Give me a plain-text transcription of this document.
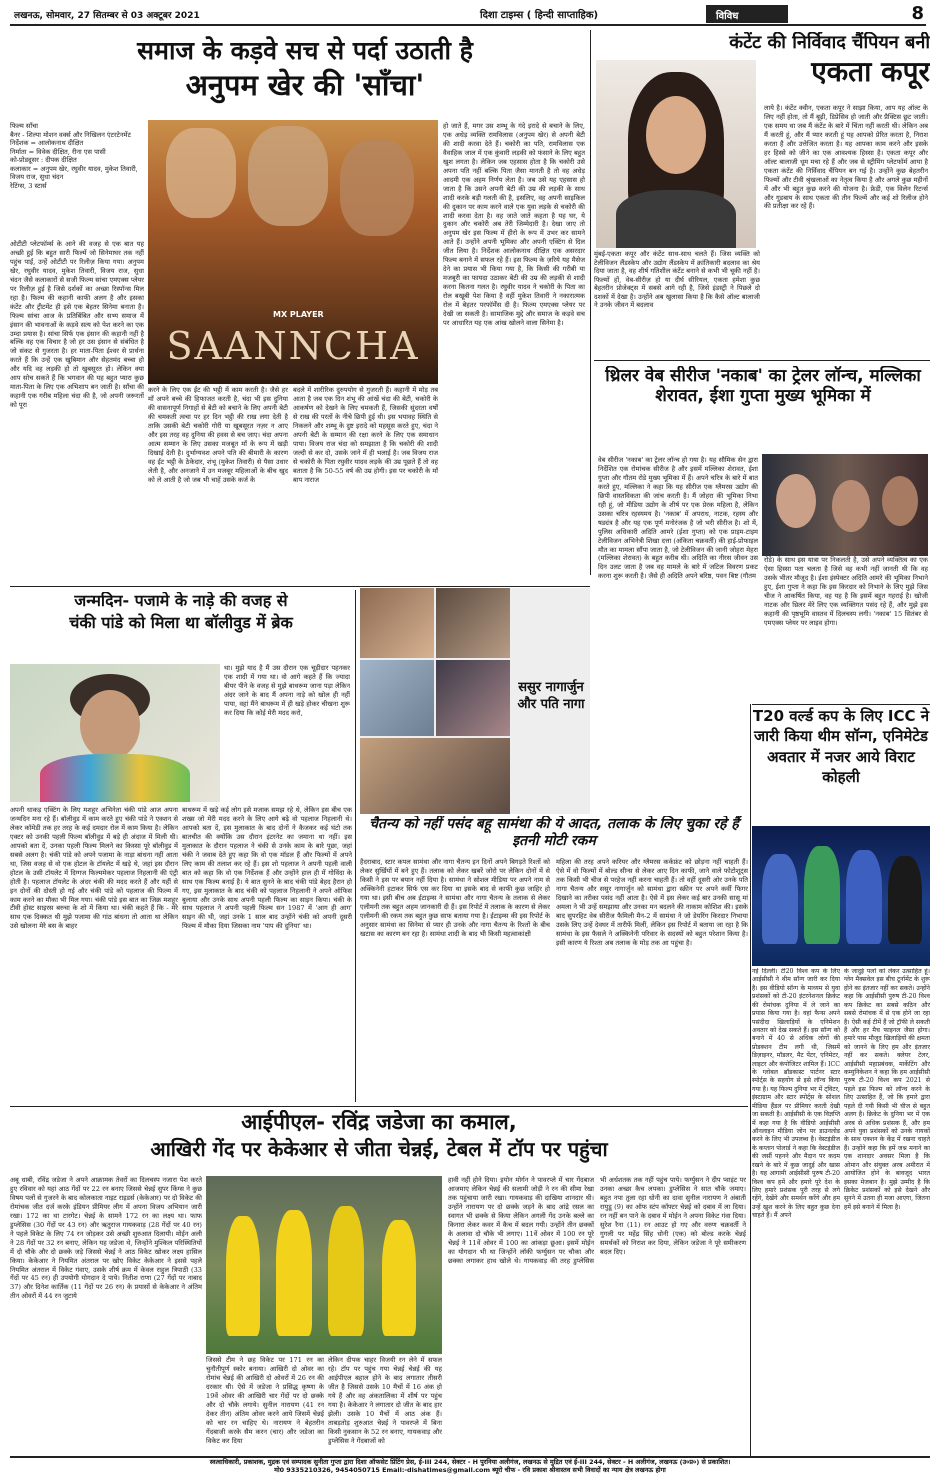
लखनऊ, सोमवार, 27 सितम्बर से 03 अक्टूबर 2021	दिशा टाइम्स ( हिन्दी साप्ताहिक)	विविध	8
समाज के कड़वे सच से पर्दा उठाती है
अनुपम खेर की 'साँचा'
MX PLAYER
SAANNCHA
फिल्म साँचा
बैनर - शिल्पा मोशन वर्क्स और निखिलन एंटरटेनमेंट
निर्देशक = आलोकनाथ दीक्षित
निर्माता = विवेक दीक्षित, रीना एस पासी
को-प्रोड्यूसर : दीपक दीक्षित
कलाकार = अनुपम खेर, रघुवीर यादव, मुकेश तिवारी, विजय राज, सुधा चंदन
रेटिंग्स, 3 स्टार्स
ओटीटी प्लेटफॉर्म्स के आने की वजह से एक बात यह अच्छी हुई कि बहुत सारी फिल्में जो सिनेमाघर तक नहीं पहुंच पाईं, उन्हें ओटीटी पर रिलीज़ किया गया। अनुपम खेर, रघुवीर यादव, मुकेश तिवारी, विजय राज, सुधा चंदन जैसे कलाकारों से सजी फिल्म सांचा एमएक्स प्लेयर पर रिलीज़ हुई है जिसे दर्शकों का अच्छा रिस्पॉन्स मिल रहा है। फिल्म की कहानी काफी अलग है और इसका कंटेंट और ट्रीटमेंट ही इसे एक बेहतर सिनेमा बनाता है। फिल्म सांचा आज के प्रतिबिंबित और सभ्य समाज में इंसान की भावनाओं के कड़वे सत्य को पेश करने का एक उम्दा प्रयास है। सांचा सिर्फ एक इंसान की कहानी नहीं है बल्कि वह एक विचार है जो हर उस इंसान से संबंधित है जो संकट से गुजरता है। हर माता-पिता ईश्वर से प्रार्थना करते हैं कि उन्हें एक खुबिमान और सेहतमंद बच्चा हो और यदि वह लड़की हो तो खुबसूरत हो। लेकिन क्या आप सोच सकते हैं कि भगवान की यह बहुत प्यारा कुछ माता-पिता के लिए एक अभिशाप बन जाती है। साँचा की कहानी एक गरीब महिला चंदा की है, जो अपनी जरूरतों को पूरा
करने के लिए एक ईंट की भट्ठी में काम करती है। जैसे हर माँ अपने बच्चे की हिफाजत करती है, चंदा भी इस दुनिया की वासनापूर्ण निगाहों से बेटी को बचाने के लिए अपनी बेटी की चमकती त्वचा पर हर दिन भट्ठी की राख लगा देती है ताकि उसकी बेटी चकोरी गोरी या खूबसूरत नज़र न आए और इस तरह वह दुनिया की हवस से बच जाए। चंदा अपना आत्म सम्मान के लिए उसका मजबूत माँ के रूप में खड़ी दिखाई देती है। दुर्भाग्यवश अपने पति की बीमारी के कारण वह ईंट भट्ठी के ठेकेदार, शंभू (मुकेश तिवारी) से पैसा उधार लेती है, और अनजाने में उन मजबूर महिलाओं के बीच खुद को ले आती है जो जब भी चाहें उसके कर्ज के
बदले में शारीरिक दुरुपयोग से गुजरती हैं। कहानी में मोड़ तब आता है जब एक दिन शंभू की आंखें चंदा की बेटी, चकोरी के आकर्षण को देखने के लिए चमकती हैं, जिसकी सुंदरता वर्षों से राख की परतों के नीचे छिपी हुई थी। इस भयावह स्थिति से निकलने और शम्भू के दुष्ट इरादे को महसूस करते हुए, चंदा ने अपनी बेटी के सम्मान की रक्षा करने के लिए एक समाधान पाया। विजय राज चंदा को समझाता है कि चकोरी की शादी जल्दी से कर दो, उसके जाने में ही भलाई है। जब विजय राज से चकोरी के पिता रघुवीर यादव लड़के की उम्र पूछते हैं तो वह बताता है कि 50-55 वर्ष की उम्र होगी। इस पर चकोरी के माँ बाप नाराज
हो जाते हैं, मगर उस शम्भू के गंदे इरादे से बचाने के लिए, एक अधेड़ व्यक्ति रामविलास (अनुपम खेर) से अपनी बेटी की शादी करवा देते हैं। चकोरी का पति, रामविलास एक वैवाहिक जाल में एक कुंवारी लड़की को फंसाने के लिए बहुत खुश लगता है। लेकिन जब एहसास होता है कि चकोरी उसे अपना पति नहीं बल्कि पिता जैसा मानती है तो वह अधेड़ आदमी एक अहम निर्णय लेता है। जब उसे यह एहसास हो जाता है कि उसने अपनी बेटी की उम्र की लड़की के साथ शादी करके बड़ी गलती की है, इसलिए, वह अपनी साइकिल की दुकान पर काम करने वाले एक युवा लड़के से चकोरी की शादी करवा देता है। वह जाते जाते कहता है यह घर, ये दुकान और चकोरी अब तेरी जिम्मेदारी है। देखा जाए तो अनुपम खेर इस फिल्म में हीरो के रूप में उभर कर सामने आते हैं। उन्होंने अपनी भूमिका और अपनी एक्टिंग से दिल जीत लिया है। निर्देशक आलोकनाथ दीक्षित एक असरदार फिल्म बनाने में सफल रहे हैं। इस फिल्म के ज़रिये यह मैसेज देने का प्रयास भी किया गया है, कि किसी की गरीबी या मजबूरी का फायदा उठाकर बेटी की उम्र की लड़की से शादी करना कितना गलत है। रघुवीर यादव ने चकोरी के पिता का रोल बखूबी पेश किया है वहीं मुकेश तिवारी ने नकारात्मक रोल में बेहतर परफॉर्मेंस दी है। फिल्म एमएक्स प्लेयर पर देखी जा सकती है। सामाजिक मुद्दे और समाज के कड़वे सच पर आधारित यह एक आंख खोलने वाला सिनेमा है।
कंटेंट की निर्विवाद चैंपियन बनी
एकता कपूर
मुंबई-एकता कपूर और कंटेंट साथ-साथ चलते हैं। जिस व्यक्ति को टेलीविजन लैंडस्केप और उद्योग लैंडस्केप में क्रांतिकारी बदलाव का श्रेय दिया जाता है, वह शीर्ष गतिशील कंटेंट बनाने से कभी भी चूकी नहीं है। फिल्मों हों, वेब-सीरीज़ हो या दीर्घ सीरियल, एकता हमेशा कुछ बेहतरीन प्रोजेक्ट्स में सबसे आगे रही है, जिसे इंडस्ट्री ने पिछले दो दशकों में देखा है। उन्होंने अब खुलासा किया है कि कैसे ऑल्ट बालाजी ने उनके जीवन में बदलाव
लाये है। कंटेंट क्वीन, एकता कपूर ने साझा किया, आप यह ऑल्ट के लिए नहीं होता, तो मैं बूढ़ी, डिप्रेसिव हो जाती और प्रैक्टिस छूट जाती। एक समय था जब मैं कंटेंट के बारे में चिंता नहीं करती थी। लेकिन अब मैं करती हूं, और मैं प्यार करती हूं यह आपको प्रेरित करता है, निराश करता है और उत्तेजित करता है। यह आपका काम करने और इसके हर हिस्से को जीने का एक आवश्यक हिस्सा है। एकता कपूर और ऑल्ट बालाजी धूम मचा रहे हैं और जब से स्ट्रीमिंग प्लेटफॉर्म आया है एकता कंटेंट की निर्विवाद चैंपियन बन गई है। उन्होंने कुछ बेहतरीन फिल्मों और टीवी श्रृंखलाओं का नेतृत्व किया है और अगले कुछ महीनों में और भी बहुत कुछ करने की योजना है। फ्रेडी, एक विलेन रिटर्न्स और गुडबाय के साथ एकता की तीन फिल्में और कई शो रिलीज होने की प्रतीक्षा कर रहे हैं।
थ्रिलर वेब सीरीज 'नकाब' का ट्रेलर लॉन्च, मल्लिका शेरावत, ईशा गुप्ता मुख्य भूमिका में
वेब सीरीज 'नकाब' का ट्रेलर लॉन्च हो गया है। यह सौमिक सेन द्वारा निर्देशित एक रोमांचक सीरीज है और इसमें मल्लिका शेरावत, ईशा गुप्ता और गौतम रोडे मुख्य भूमिका में हैं। अपने चरित्र के बारे में बात करते हुए, मल्लिका ने कहा कि यह सीरीज एक ग्लैमरस उद्योग की छिपी वास्तविकता की जांच करती है। मैं जोहरा की भूमिका निभा रही हूं, जो मीडिया उद्योग के शीर्ष पर एक प्रेरक महिला है, लेकिन उसका चरित्र रहस्यमय है। 'नकाब' में अपराध, नाटक, रहस्य और षड्यंत्र है और यह एक पूर्ण मनोरंजक है जो भरी सीरीज है। शो में, पुलिस अधिकारी अदिति आमरे (ईशा गुप्ता) को एक प्राइम-टाइम टेलीविजन अभिनेत्री शिखा दत्ता (अंकिता चक्रवर्ती) की हाई-प्रोफाइल मौत का मामला सौंपा जाता है, जो टेलीविजन की जानी जोहरा मेहरा (मल्लिका शेरावत) के बहुत करीब थी। अदिति का नीरस जीवन उस दिन उलट जाता है जब वह मामले के बारे में जटिल विवरण प्रकट करना शुरू करती है। जैसे ही अदिति अपने बरिष्ठ, पवन बिष्ट (गौतम
रोडे) के साथ इस यात्रा पर निकलती है, उसे अपने व्यक्तित्व का एक ऐसा हिस्सा पता चलता है जिसे वह कभी नहीं जानती थी कि वह उसके भीतर मौजूद है। ईशा इंस्पेक्टर अदिति आमरे की भूमिका निभाने हुए, ईशा गुप्ता ने कहा कि इस किरदार को निभाने के लिए मुझे जिस चीज ने आकर्षित किया, वह यह है कि इसमें बहुत गहराई है। खोजी नाटक और थ्रिलर मेरे लिए एक व्यक्तिगत पसंद रहे हैं, और मुझे इस कहानी की पृष्ठभूमि वास्तव में दिलचस्प लगी। 'नकाब' 15 सितंबर से एमएक्स प्लेयर पर लाइव होगा।
जन्मदिन- पजामे के नाड़े की वजह से
चंकी पांडे को मिला था बॉलीवुड में ब्रेक
था। मुझे याद है मैं उस दौरान एक चूड़ीदार पहनकर एक शादी में गया था। वो आगे कहते हैं कि ज्यादा बीयर पीने के वजह से मुझे बाथरूम जाना पड़ा लेकिन अंदर जाने के बाद मैं अपना नाड़े को खोल ही नहीं पाया, वहां मैंने बाथरूम में ही खड़े होकर चीखना शुरू कर दिया कि कोई मेरी मदद करो,
अपनी धाकड़ एक्टिंग के लिए मशहूर अभिनेता चंकी पांडे आज अपना जन्मदिन मना रहे हैं। बॉलीवुड में काम करते हुए चंकी पांडे ने एक्शन से लेकर कॉमेडी तक हर तरह के कई दमदार रोल में काम किया है। लेकिन एक्टर को उनकी पहली फिल्म बॉलीवुड में बड़े ही अंदाज में मिली थी। आपको बता दें, उनका पहली फिल्म मिलने का किस्सा पूरे बॉलीवुड में सबसे अलग है। चंकी पांडे को अपने पजामा के नाड़ा बांधना नहीं आता था, जिस वजह से वो एक होटल के टॉयलेट में खड़े थे, जहां इस दौरान होटल के उसी टॉयलेट में दिग्गज फिल्ममेकर पहलाज निहलानी की एंट्री होती है। पहलाज टॉयलेट के अंदर चंकी की मदद करते हैं और यहीं से इन दोनों की दोस्ती हो गई और चंकी पांडे को पहलाज की फिल्म में काम करने का मौका भी मिल गया। चंकी पांडे इस बात का जिक्र मशहूर टीवी होस्ट साइरस बरुचा के शो में किया था। चंकी कहते हैं कि - मेरे साथ एक दिक्कत थी मुझे पजामा की गांठ बांधना तो आता था लेकिन उसे खोलना मेरे बस के बाहर
बाथरूम में खड़े कई लोग इसे मजाक समझ रहे थे, लेकिन इस बीच एक शख्स जो मेरी मदद करने के लिए आगे बढ़े वो पहलाज निहलानी थे। आपको बता दें, इस मुलाकात के बाद दोनों ने कैजकर कई घंटो तक बातचीत की क्योंकि उस दौरान इंटरनेट का जमाना था नहीं। इस मुलाकात के दौरान पहलाज ने चंकी से उनके काम के बारे पूछा, जहां चंकी ने जवाब देते हुए कहा कि वो एक मॉडल हैं और फिल्मों में अपने लिए काम की तलाश कर रहे हैं। इस शो पहलाज ने अपनी पहली वाली बात को कहा कि वो एक निर्देशक हैं और उन्होंने हाल ही में गोविंदा के साथ एक फिल्म बनाई है। ये बात सुनने के बाद चंकी पांडे बेहद हैरान हो गए, इस मुलाकात के बाद चंकी को पहलाज निहलानी ने अपने ऑफिस बुलाया और उनके साथ अपनी पहली फिल्म का साइन किया। चंकी के साथ पहलाज ने अपनी पहली फिल्म सन 1987 में 'आग ही आग' साइन की थी, जहां उनके 1 साल बाद उन्होंने चंकी को अपनी दूसरी फिल्म में मौका दिया जिसका नाम 'पाप की दुनिया' था।
ससुर नागार्जुन और पति नागा
चैतन्य को नहीं पसंद बहू सामंथा की ये आदत, तलाक के लिए चुका रहे हैं इतनी मोटी रकम
हैदराबाद, स्टार कपल सामंथा और नागा चैतन्य इन दिनों अपने बिगड़ते रिश्तों को लेकर सुर्खियों में बने हुए हैं। तलाक को लेकर खबरें जोरो पर लेकिन दोनों में से किसी ने इस पर बयान नहीं दिया है। सामंथा ने सोशल मीडिया पर अपने नाम से अक्किनेनी हटाकर सिर्फ एस कर दिया था इसके बाद से काफी कुछ जाहिर हो गया था। इसी बीच अब ईटाइम्स ने सामंथा और नागा चैतन्य के तलाक से लेकर एलीमनी तक बहुत अहम जानकारी दी हैं। इस रिपोर्ट में तलाक के कारण से लेकर एलीमनी की रकम तक बहुत कुछ साफ बताया गया है। ईटाइम्स की इस रिपोर्ट के अनुसार सामंथा का सिनेमा से प्यार ही उनके और नागा चैतन्य के रिश्तों के बीच खटास का कारण बन रहा है। सामंथा शादी के बाद भी किसी महत्वाकांक्षी
महिला की तरह अपने करियर और ग्लैमरस कर्कफ्रंट को छोड़ना नहीं चाहती हैं। ऐसे में वो फिल्मों में बोल्ड सीन्स से लेकर आए दिन काफी, जाने वाले फोटोशूट्स तक किसी भी चीज से परहेज नहीं करना चाहती हैं। तो वहीं दूसरी ओर उनके पति नागा चैतन्य और ससुर नागार्जुन को सामंथा द्वारा स्क्रीन पर अपने कर्वी फिगर दिखाने का तरीका पसंद नहीं आता है। ऐसे में इस लेकर कई बार उनकी सासू मां अमला ने भी उन्हें समझाया और उनका मन बदलने की नाकाम कोशिश की। इसके बाद सुपरहिट वेब सीरीज फैमिली मैन-2 में सामंथा ने जो डेयरिंग किरदार निभाया उसके लिए उन्हें देवघर में तारीफें मिलीं, लेकिन इस रिपोर्ट में बताया जा रहा है कि सामंथा के इस फैसले ने अक्किनेनी परिवार के सदस्यों को बहुत परेशान किया है। इसी कारण ये रिश्ता अब तलाक के मोड़ तक आ पहुंचा है।
T20 वर्ल्ड कप के लिए ICC ने जारी किया थीम सॉन्ग, एनिमेटेड अवतार में नजर आये विराट कोहली
नई दिल्ली। टी20 विश्व कप के लिए आईसीसी ने थीम सॉन्ग जारी कर दिया है। इस वीडियो सॉन्ग के माध्यम से युवा प्रशंसकों को टी-20 इंटरनेशनल क्रिकेट की रोमांचक दुनिया में ले जाने का प्रयास किया गया है। वहां फैन्स अपने पसंदीदा खिलाड़ियों के एनिमेशन अवतार को देख सकते हैं। इस सॉन्ग को बनाने में 40 से अधिक लोगों की प्रोडक्शन टीम लगी थी, जिसमें डिज़ाइनर, मॉडलर, मैट पेंटर, एनिमेटर, लाइटर और कंपोजिटर शामिल हैं। ICC के ग्लोबल ब्रॉडकास्ट पार्टनर स्टार स्पोर्ट्स के सहयोग से इसे लॉन्च किया गया है। यह फिल्म दुनिया भर में ट्विटर, इंस्टाग्राम और स्टार स्पोर्ट्स के सोशल मीडिया हैंडल पर प्रीमियर करती देखी जा सकती है। आईसीसी के एक विज्ञप्ति में कहा गया है कि वीडियो आईसीसी ऑनलाइन मीडिया जोन पर डाउनलोड करने के लिए भी उपलब्ध है। वेस्टइंडीज के कप्तान पोलार्ड ने कहा कि वेस्टइंडीज की जर्सी पहनने और मैदान पर कदम रखने के बारे में कुछ जादुई और खास है। यह आगामी आईसीसी पुरुष टी-20 विश्व कप हमें और हमारे पूरे देश के लिए हमारे प्रशंसक पूरी तरह से लगे रहेंगे, देखेंगे और समर्थन करेंगे और हम उन्हें खुश करने के लिए बहुत कुछ देना चाहते हैं। मैं अपने
के जादुई पलों को लेकर उत्साहित हूं। ग्लेन मैक्सवेल इस बीच टूर्नामेंट के शुरू होने का इंतजार नहीं कर सकते। उन्होंने कहा कि आईसीसी पुरुष टी-20 विश्व कप क्रिकेट का सबसे कठिन और सबसे रोमांचक में से एक होने जा रहा है। ऐसी कई टीमें हैं जो ट्रॉफी ले सकती हैं और हर मैच फाइनल जैसा होगा। हमारे पास मौजूद खिलाड़ियों की क्षमता को जानने के लिए हम और इंतजार नहीं कर सकते। क्लेयर टेलर, आईसीसी महाप्रबंधक, मार्केटिंग और कम्युनिकेशन ने कहा कि हम आईसीसी पुरुष टी-20 विश्व कप 2021 से पहले इस फिल्म को लॉन्च करने के लिए उत्साहित हैं, जो कि हमारे द्वारा पहले दी गयी किसी भी चीज से बहुत अलग है। क्रिकेट के दुनिया भर में एक अरब से अधिक प्रशंसक हैं, और हम अपने युवा प्रशंसकों को उनके नायकों के साथ एक्शन के केंद्र में रखना चाहते हैं। उन्होंने कहा कि हमें जश्न मनाने का एक शानदार अवसर मिला है कि ओमान और संयुक्त अरब अमीरात में आयोजित होने के बावजूद भारत इसका मेजबान है। मुझे उम्मीद है कि क्रिकेट प्रशंसकों को इसे देखने और सुनने में उतना ही मजा आएगा, जितना हमें इसे बनाने में मिला है।
आईपीएल- रविंद्र जडेजा का कमाल,
आखिरी गेंद पर केकेआर से जीता चेन्नई, टेबल में टॉप पर पहुंचा
अबू धाबी, रविंद्र जडेजा ने अपने आक्रामक तेवरों का दिलचस्प नजारा पेश करते हुए रविवार को यहां आठ गेंदों पर 22 रन बनाए जिससे चेन्नई सुपर किंग्स ने कुछ विषम पलों से गुजरने के बाद कोलकाता नाइट राइडर्स (केकेआर) पर दो विकेट की रोमांचक जीत दर्ज करके इंडियन प्रीमियर लीग में अपना विजय अभियान जारी रखा। 172 का था टारगेट। चेन्नई के सामने 172 रन का लक्ष्य था। फाफ डुप्लेसिस (30 गेंदों पर 43 रन) और ऋतुराज गायकवाड़ (28 गेंदों पर 40 रन) ने पहले विकेट के लिए 74 रन जोड़कर उसे अच्छी शुरुआत दिलायी। मोईन अली ने 28 गेंदों पर 32 रन बनाए, लेकिन यह जडेजा थे, जिन्होंने मुश्किल परिस्थितियों में दो चौके और दो छक्के जड़े जिससे चेन्नई ने आठ विकेट खोकर लक्ष्य हासिल किया। केकेआर ने नियमित अंतराल पर खोए विकेट केकेआर ने इससे पहले नियमित अंतराल में विकेट गंवाए, उसके शीर्ष क्रम में केवल राहुल त्रिपाठी (33 गेंदों पर 45 रन) ही उपयोगी योगदान दे पाये। नितीश राणा (27 गेंदों पर नाबाद 37) और दिनेश कार्तिक (11 गेंदों पर 26 रन) के प्रयासों से केकेआर ने अंतिम तीन ओवरों में 44 रन जुटाये
जिससे टीम ने छह विकेट पर 171 रन का चुनौतीपूर्ण स्कोर बनाया। आखिरी दो ओवर का रोमांच चेन्नई की आखिरी दो ओवरों में 26 रन की दरकार थी। ऐसे में जडेजा ने प्रसिद्ध कृष्णा के 19वें ओवर की आखिरी चार गेंदों पर दो छक्के और दो चौके लगाये। सुनील नारायण (41 रन देकर तीन) अंतिम ओवर करने आये जिसमें चेन्नई को चार रन चाहिए थे। नारायण ने बेहतरीन गेंदबाजी करके सैम करन (चार) और जडेजा का विकेट कर दिया
लेकिन दीपक चाहर विजयी रन लेने में सफल रहे। टॉप पर पहुंच गया चेन्नई चेन्नई की यह आईपीएल बहाल होने के बाद लगातार तीसरी जीत है जिससे उसके 10 मैचों में 16 अंक हो गये हैं और वह अंकतालिका में शीर्ष पर पहुंच गया है। केकेआर ने लगातार दो जीत के बाद हार झेली। उसके 10 मैचों में आठ अंक हैं। ताबड़तोड़ शुरुआत चेन्नई ने पावरप्ले में बिना किसी नुकसान के 52 रन बनाए, गायकवाड़ और डुप्लेसिस ने गेंदबाजों को
हावी नहीं होने दिया। इयोन मोर्गन ने पावरप्ले में चार गेंदबाज आजमाए लेकिन चेन्नई की सलामी जोड़ी ने रन की सीमा रेखा तक पहुंचाया जारी रखा। गायकवाड़ की दाखिया शानदार थी। उन्होंने नारायण पर दो छक्के जड़ने के बाद आंद्रे रसल का स्वागत भी छक्के से किया लेकिन अगली गेंद उनके बल्ले का किनारा लेकर कवर में कैच में बदल गयी। उन्होंने तीन छक्कों के अलावा दो चौके भी लगाए। 11वें ओवर में 100 रन पूरे चेन्नई ने 11वें ओवर में 100 का आंकड़ा छूआ। इसमें मोईन का योगदान भी था जिन्होंने लॉकी फर्ग्युसन पर चौका और छक्का लगाकर हाथ खोले थे। गायकवाड़ की तरह डुप्लेसिस भी अर्धशतक तक नहीं पहुंच पाये। फर्ग्युसन ने दीप प्वाइंट पर उनका अच्छा कैच लपका। डुप्लेसिस ने सात चौके जमाए। बहुत नपा तुला रहा धोनी का दावा सुनील नारायण ने अंबाती रायुडू (9) का ऑफ स्टंप कॉफ्टर चेन्नई को दबाव में ला दिया। रन नहीं बन पाने के दबाव में मोईन ने अपना विकेट गंवा दिया। सुरेश रैना (11) रन आउट हो गए और वरुण चक्रवर्ती ने गुगली पर महेंद्र सिंह धोनी (एक) को बोल्ड करके चेन्नई समर्थकों को निराश कर दिया, लेकिन जडेजा ने पूरे समीकरण बदल दिए।
स्वत्वाधिकारी, प्रकाशक, मुद्रक एवं सम्पादक सुनीता गुप्ता द्वारा दिशा ऑफसेट प्रिंटिंग प्रेस, ई-III 244, सेक्टर - H पुरनिया अलीगंज, लखनऊ से मुद्रित एवं ई-III 244, सेक्टर - H अलीगंज, लखनऊ (उ०प्र०) से प्रकाशित।
मो0 9335210326, 9454050715 Email:-dishatimes@gmail.com ब्यूरो चीफ - रवि प्रकाश श्रीवास्तव सभी विवादों का न्याय क्षेत्र लखनऊ होगा
